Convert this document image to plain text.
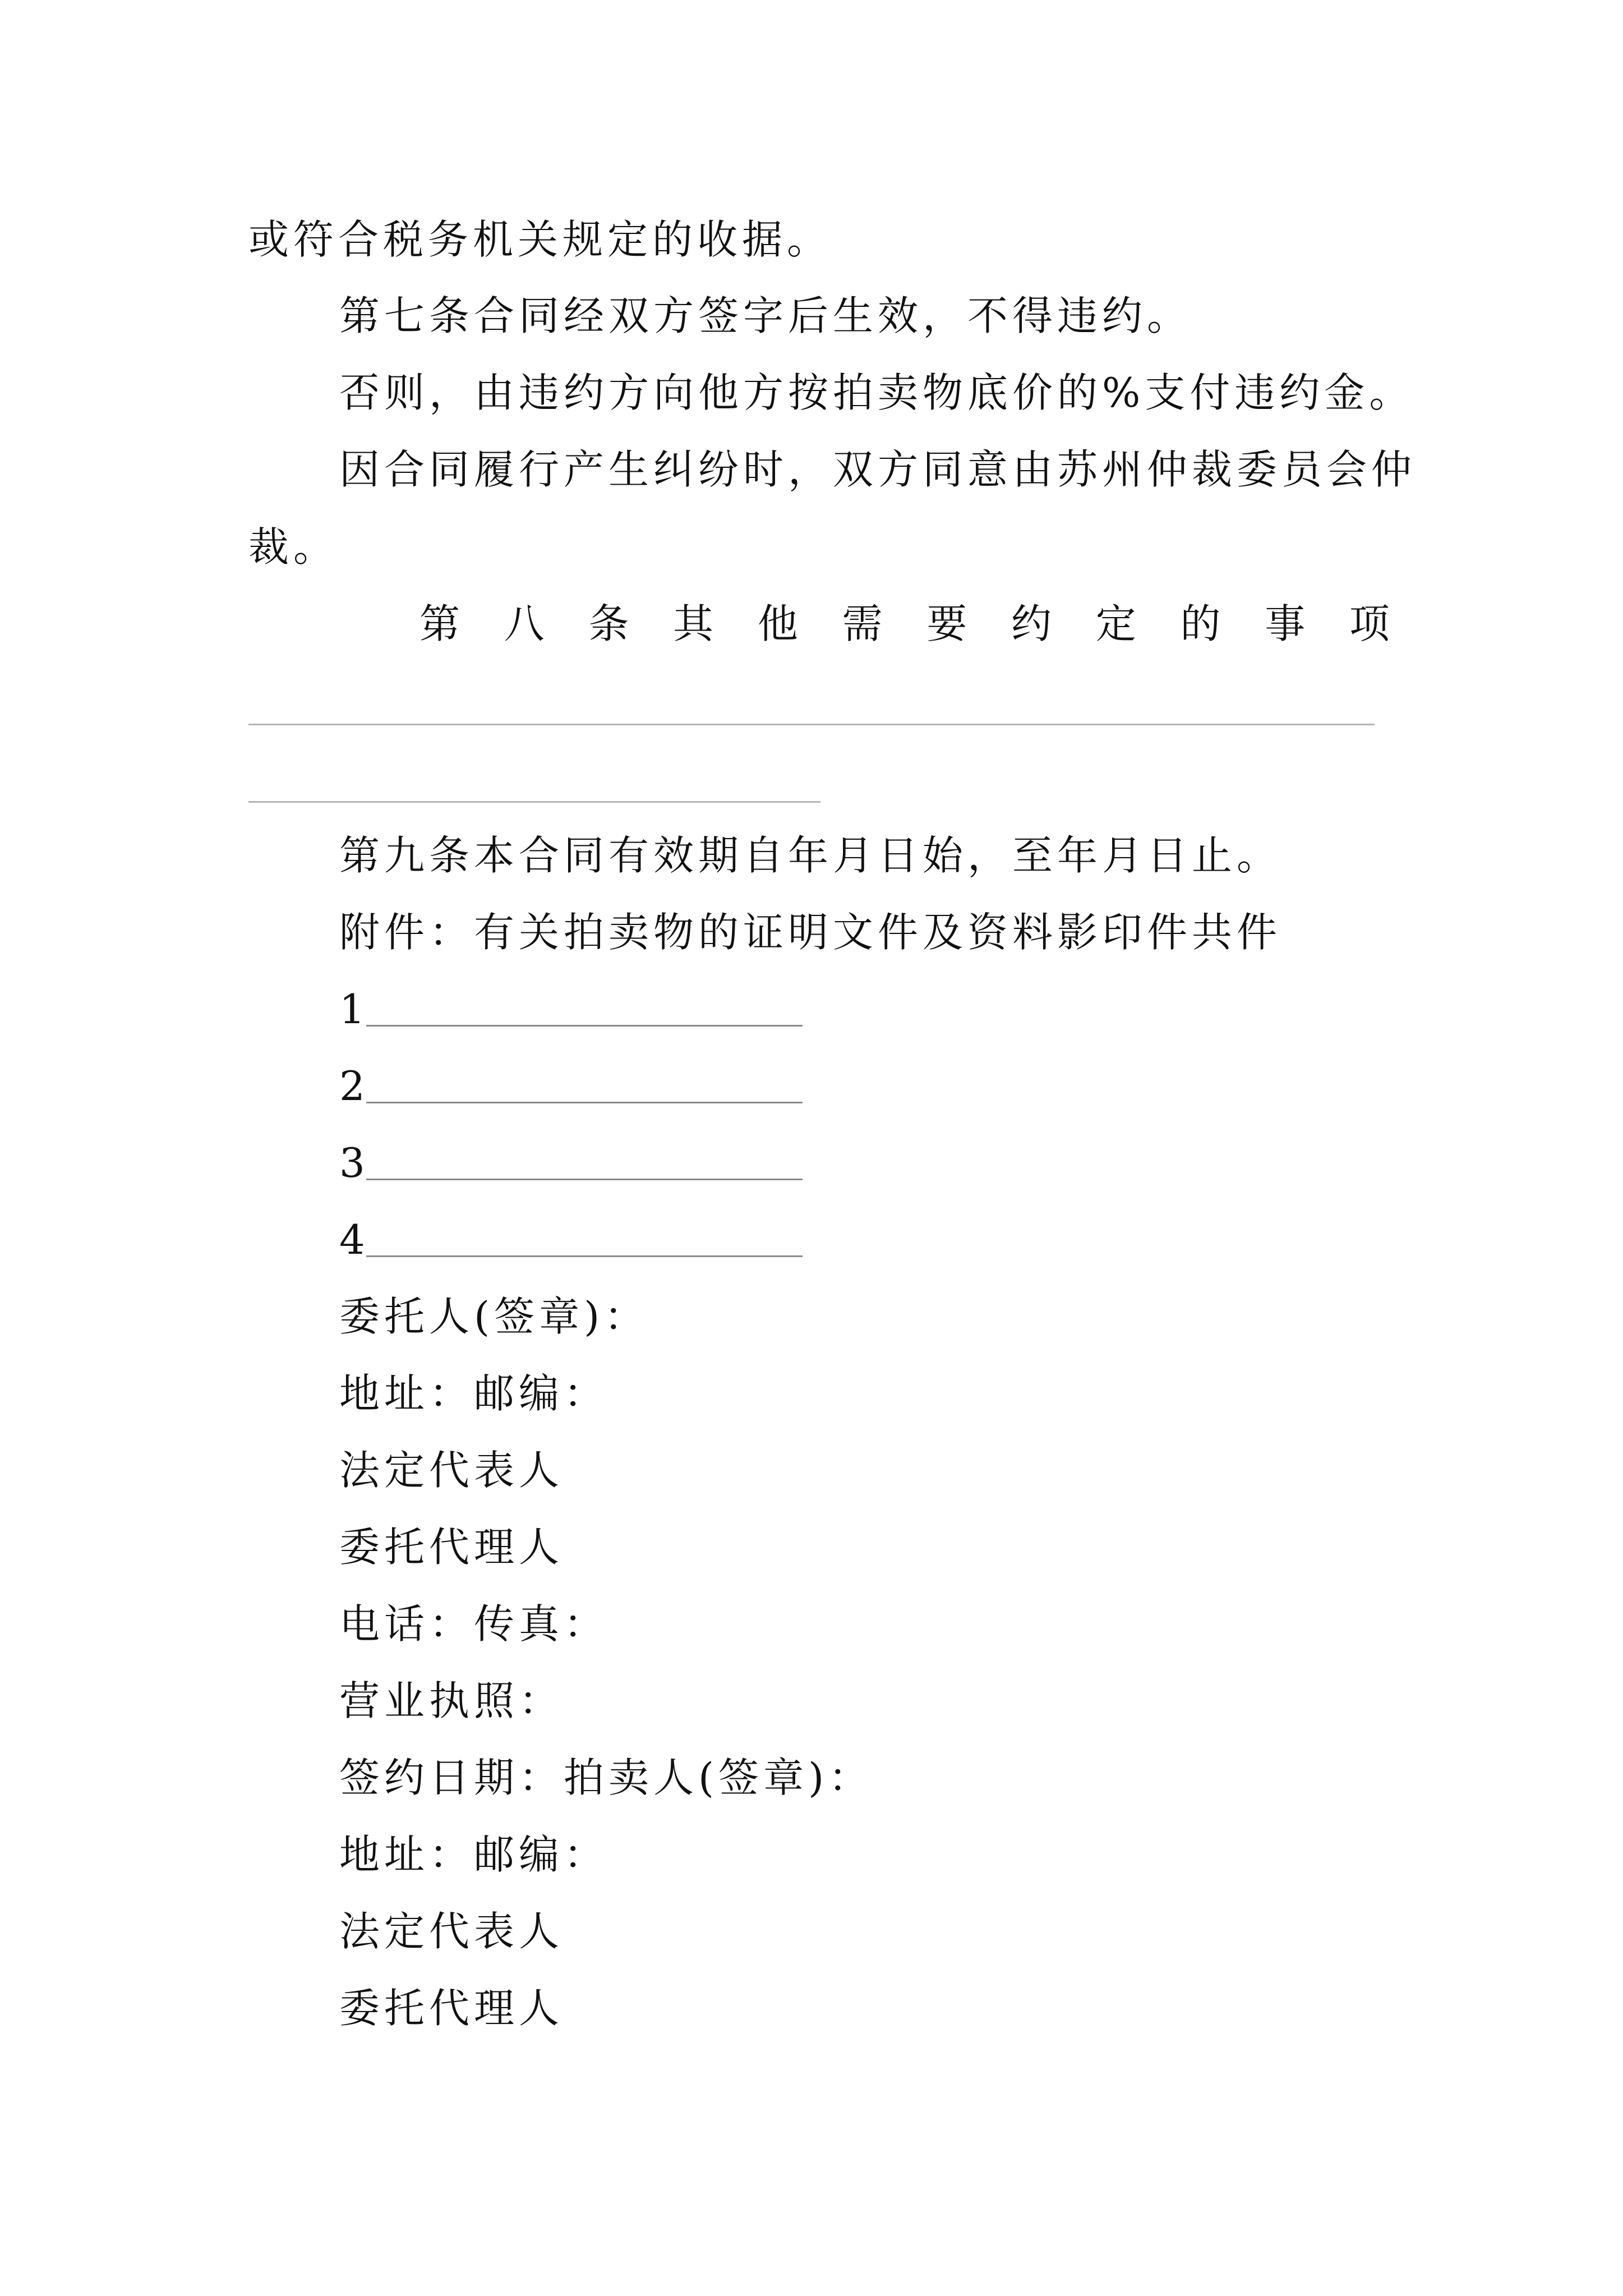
或符合税务机关规定的收据。
第七条合同经双方签字后生效，不得违约。
否则，由违约方向他方按拍卖物底价的%支付违约金。
因合同履行产生纠纷时，双方同意由苏州仲裁委员会仲
裁。
第 八 条 其 他 需 要 约 定 的 事 项
第九条本合同有效期自年月日始，至年月日止。
附件：有关拍卖物的证明文件及资料影印件共件
1
2
3
4
委托人(签章)：
地址：邮编：
法定代表人
委托代理人
电话：传真：
营业执照：
签约日期：拍卖人(签章)：
地址：邮编：
法定代表人
委托代理人
